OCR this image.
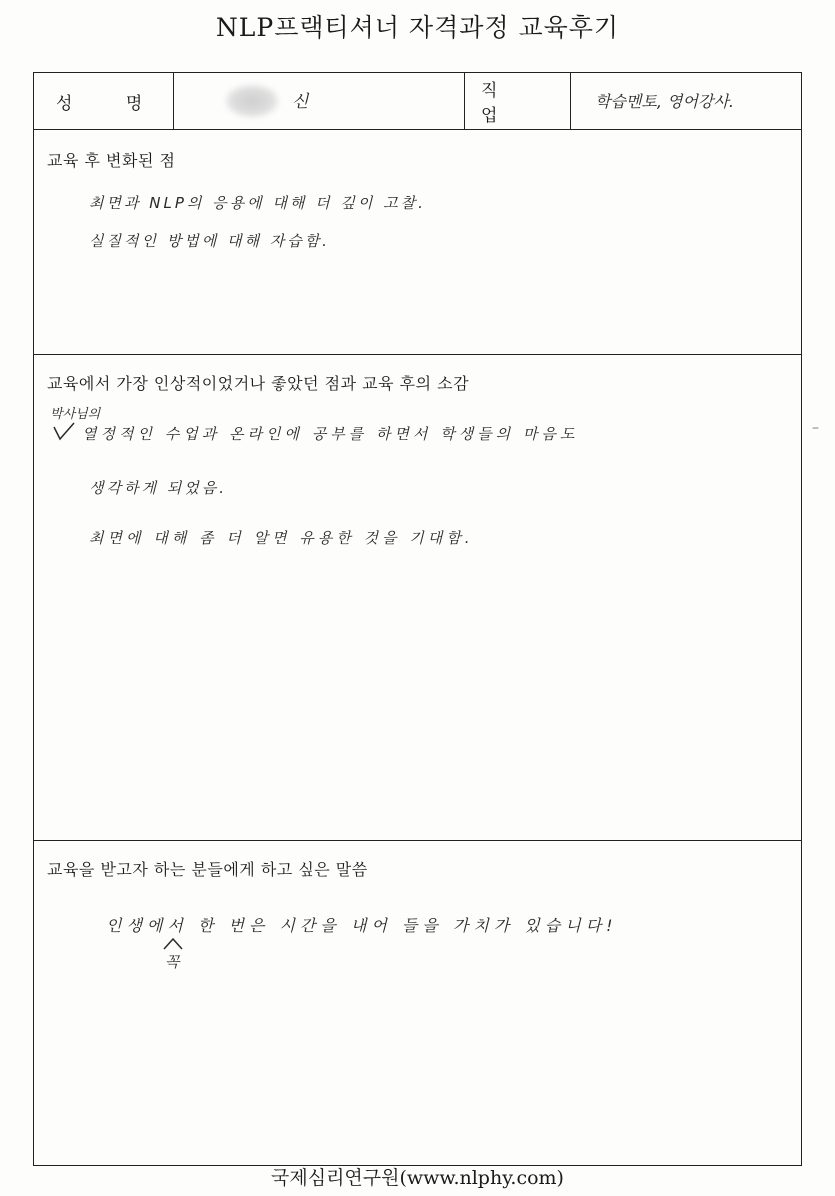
NLP프랙티셔너 자격과정 교육후기
성 명	신
직 업
학습멘토, 영어강사.
교육 후 변화된 점
최면과 NLP의 응용에 대해 더 깊이 고찰.
실질적인 방법에 대해 자습함.
교육에서 가장 인상적이었거나 좋았던 점과 교육 후의 소감
박사님의
열정적인 수업과 온라인에 공부를 하면서 학생들의 마음도
생각하게 되었음.
최면에 대해 좀 더 알면 유용한 것을 기대함.
교육을 받고자 하는 분들에게 하고 싶은 말씀
인생에서 한 번은 시간을 내어 들을 가치가 있습니다!
꼭
–
국제심리연구원(www.nlphy.com)
